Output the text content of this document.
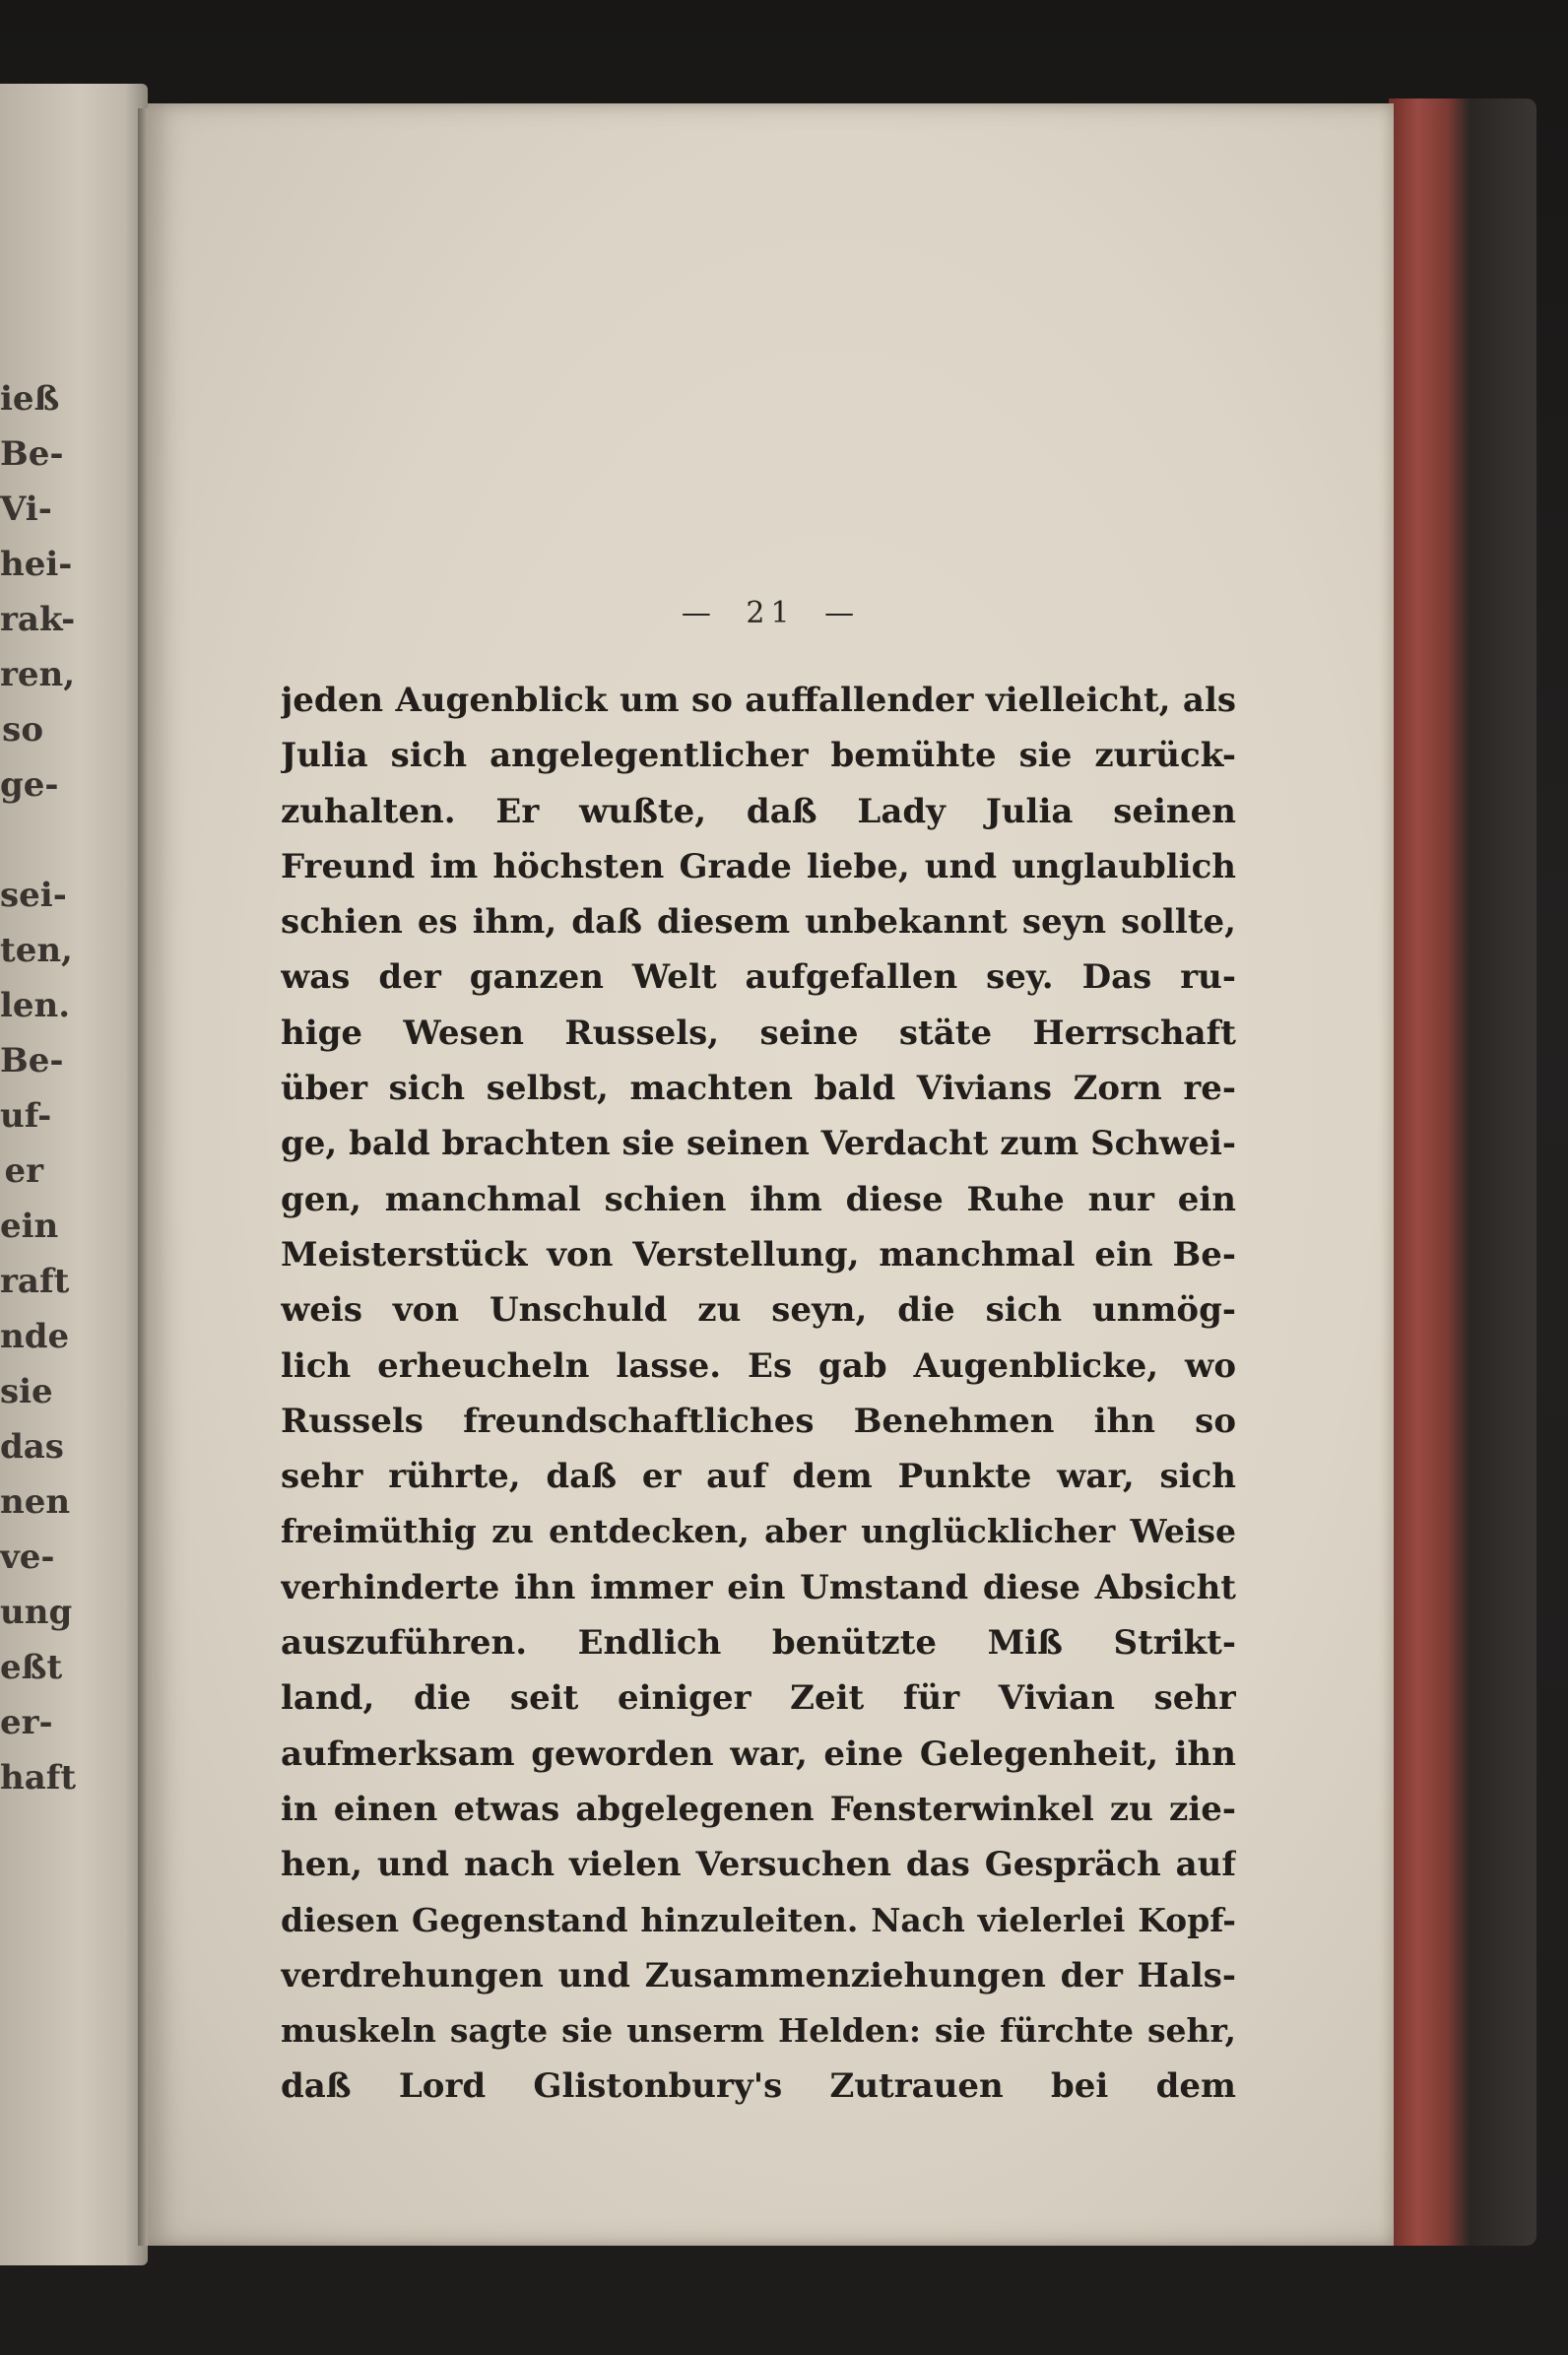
ieß
Be-
Vi-
hei-
rak-
ren,
so
ge-
sei-
ten,
len.
Be-
uf-
er
ein
raft
nde
sie
das
nen
ve-
ung
eßt
er-
haft
— 21 —
jeden Augenblick um so auffallender vielleicht, als
Julia sich angelegentlicher bemühte sie zurück-
zuhalten. Er wußte, daß Lady Julia seinen
Freund im höchsten Grade liebe, und unglaublich
schien es ihm, daß diesem unbekannt seyn sollte,
was der ganzen Welt aufgefallen sey. Das ru-
hige Wesen Russels, seine stäte Herrschaft
über sich selbst, machten bald Vivians Zorn re-
ge, bald brachten sie seinen Verdacht zum Schwei-
gen, manchmal schien ihm diese Ruhe nur ein
Meisterstück von Verstellung, manchmal ein Be-
weis von Unschuld zu seyn, die sich unmög-
lich erheucheln lasse. Es gab Augenblicke, wo
Russels freundschaftliches Benehmen ihn so
sehr rührte, daß er auf dem Punkte war, sich
freimüthig zu entdecken, aber unglücklicher Weise
verhinderte ihn immer ein Umstand diese Absicht
auszuführen. Endlich benützte Miß Strikt-
land, die seit einiger Zeit für Vivian sehr
aufmerksam geworden war, eine Gelegenheit, ihn
in einen etwas abgelegenen Fensterwinkel zu zie-
hen, und nach vielen Versuchen das Gespräch auf
diesen Gegenstand hinzuleiten. Nach vielerlei Kopf-
verdrehungen und Zusammenziehungen der Hals-
muskeln sagte sie unserm Helden: sie fürchte sehr,
daß Lord Glistonbury's Zutrauen bei dem
